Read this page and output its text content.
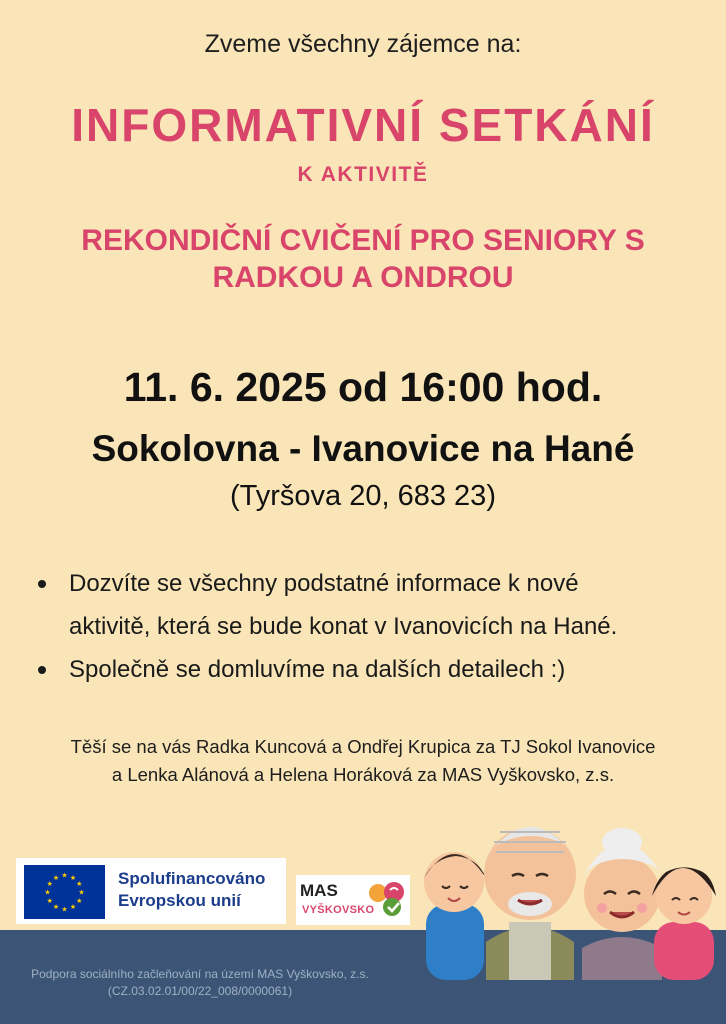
Zveme všechny zájemce na:
INFORMATIVNÍ SETKÁNÍ
K AKTIVITĚ
REKONDIČNÍ CVIČENÍ PRO SENIORY S
RADKOU A ONDROU
11. 6. 2025 od 16:00 hod.
Sokolovna - Ivanovice na Hané
(Tyršova 20, 683 23)
Dozvíte se všechny podstatné informace k nové
aktivitě, která se bude konat v Ivanovicích na Hané.
Společně se domluvíme na dalších detailech :)
Těší se na vás Radka Kuncová a Ondřej Krupica za TJ Sokol Ivanovice
a Lenka Alánová a Helena Horáková za MAS Vyškovsko, z.s.
Podpora sociálního začleňování na území MAS Vyškovsko, z.s.
(CZ.03.02.01/00/22_008/0000061)
★ ★
★
★
★
★
★
★
★
★
★
★	Spolufinancováno
Evropskou unií
MAS
VYŠKOVSKO
